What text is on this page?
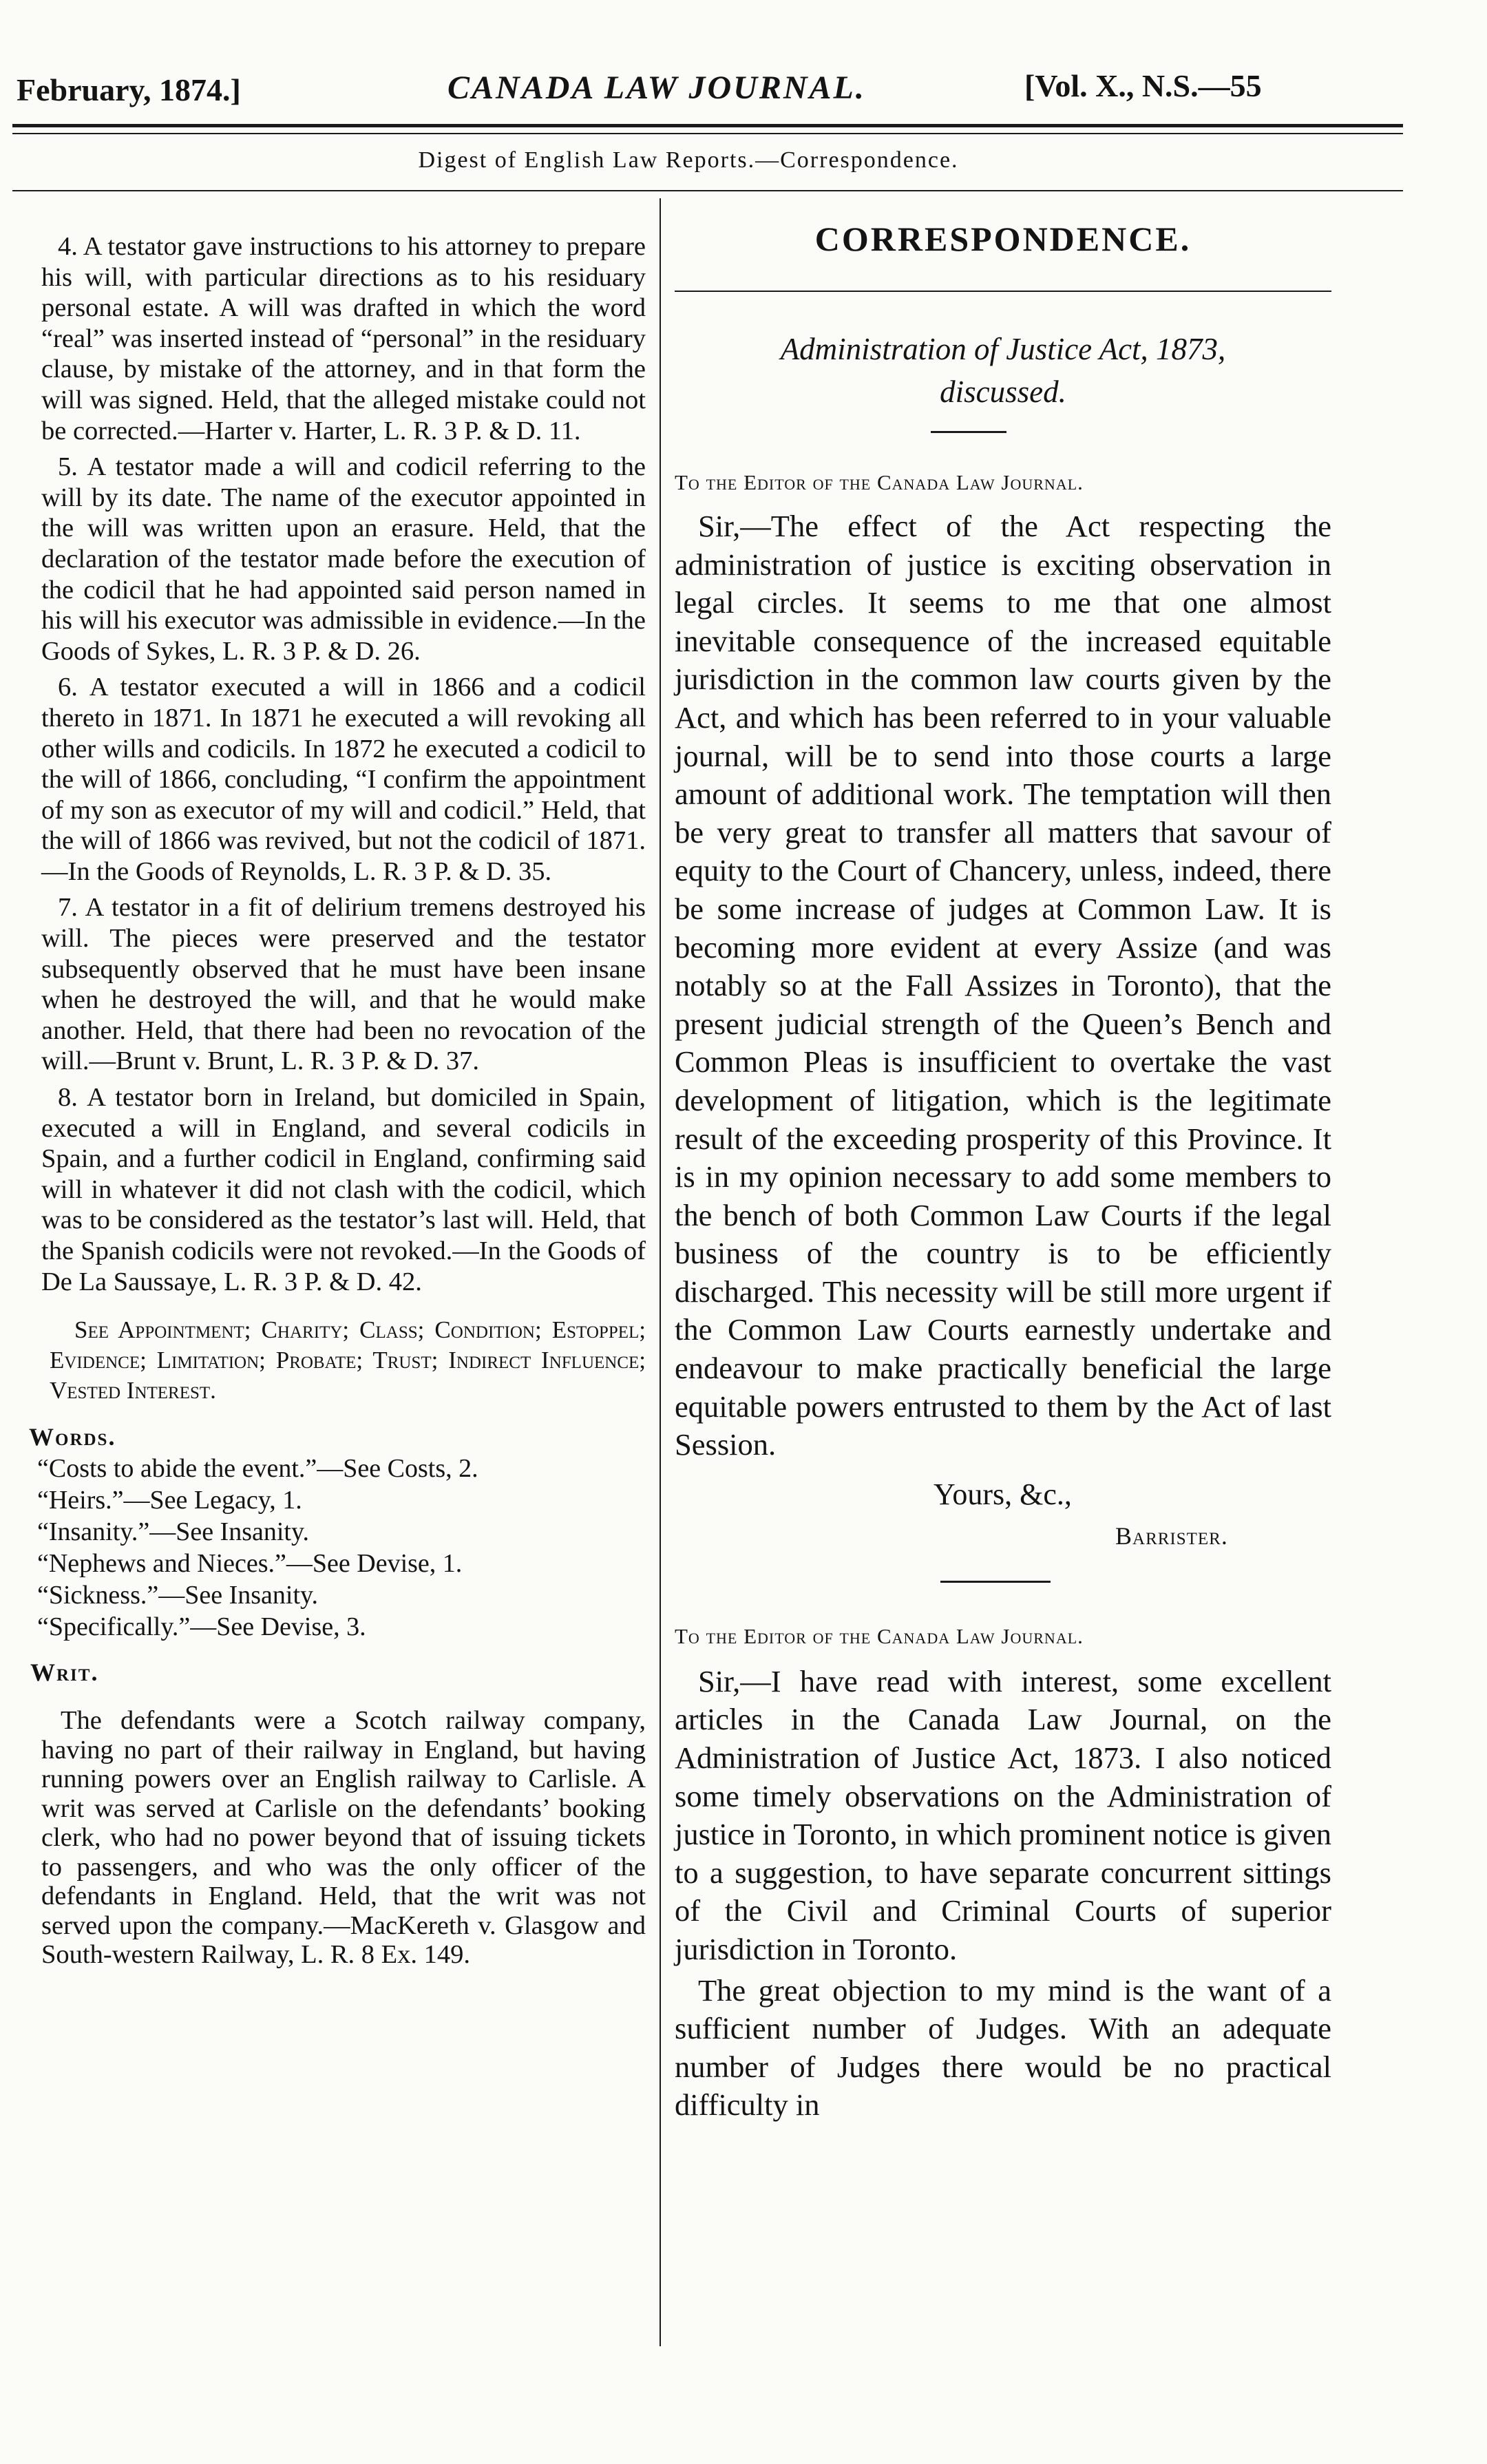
February, 1874.]	CANADA LAW JOURNAL.	[Vol. X., N.S.—55
Digest of English Law Reports.—Correspondence.

4. A testator gave instructions to his attorney to prepare his will, with particular directions as to his residuary personal estate. A will was drafted in which the word “real” was inserted instead of “personal” in the residuary clause, by mistake of the attorney, and in that form the will was signed. Held, that the alleged mistake could not be corrected.—Harter v. Harter, L. R. 3 P. & D. 11.

5. A testator made a will and codicil referring to the will by its date. The name of the executor appointed in the will was written upon an erasure. Held, that the declaration of the testator made before the execution of the codicil that he had appointed said person named in his will his executor was admissible in evidence.—In the Goods of Sykes, L. R. 3 P. & D. 26.

6. A testator executed a will in 1866 and a codicil thereto in 1871. In 1871 he executed a will revoking all other wills and codicils. In 1872 he executed a codicil to the will of 1866, concluding, “I confirm the appointment of my son as executor of my will and codicil.” Held, that the will of 1866 was revived, but not the codicil of 1871.—In the Goods of Reynolds, L. R. 3 P. & D. 35.

7. A testator in a fit of delirium tremens destroyed his will. The pieces were preserved and the testator subsequently observed that he must have been insane when he destroyed the will, and that he would make another. Held, that there had been no revocation of the will.—Brunt v. Brunt, L. R. 3 P. & D. 37.

8. A testator born in Ireland, but domiciled in Spain, executed a will in England, and several codicils in Spain, and a further codicil in England, confirming said will in whatever it did not clash with the codicil, which was to be considered as the testator’s last will. Held, that the Spanish codicils were not revoked.—In the Goods of De La Saussaye, L. R. 3 P. & D. 42.

See Appointment; Charity; Class; Condition; Estoppel; Evidence; Limitation; Probate; Trust; Indirect Influence; Vested Interest.

Words.
“Costs to abide the event.”—See Costs, 2.
“Heirs.”—See Legacy, 1.
“Insanity.”—See Insanity.
“Nephews and Nieces.”—See Devise, 1.
“Sickness.”—See Insanity.
“Specifically.”—See Devise, 3.
Writ.

The defendants were a Scotch railway company, having no part of their railway in England, but having running powers over an English railway to Carlisle. A writ was served at Carlisle on the defendants’ booking clerk, who had no power beyond that of issuing tickets to passengers, and who was the only officer of the defendants in England. Held, that the writ was not served upon the company.—MacKereth v. Glasgow and South-western Railway, L. R. 8 Ex. 149.

CORRESPONDENCE.

Administration of Justice Act, 1873,
discussed.

To the Editor of the Canada Law Journal.

Sir,—The effect of the Act respecting the administration of justice is exciting observation in legal circles. It seems to me that one almost inevitable consequence of the increased equitable jurisdiction in the common law courts given by the Act, and which has been referred to in your valuable journal, will be to send into those courts a large amount of additional work. The temptation will then be very great to transfer all matters that savour of equity to the Court of Chancery, unless, indeed, there be some increase of judges at Common Law. It is becoming more evident at every Assize (and was notably so at the Fall Assizes in Toronto), that the present judicial strength of the Queen’s Bench and Common Pleas is insufficient to overtake the vast development of litigation, which is the legitimate result of the exceeding prosperity of this Province. It is in my opinion necessary to add some members to the bench of both Common Law Courts if the legal business of the country is to be efficiently discharged. This necessity will be still more urgent if the Common Law Courts earnestly undertake and endeavour to make practically beneficial the large equitable powers entrusted to them by the Act of last Session.

Yours, &c.,

Barrister.

To the Editor of the Canada Law Journal.

Sir,—I have read with interest, some excellent articles in the Canada Law Journal, on the Administration of Justice Act, 1873. I also noticed some timely observations on the Administration of justice in Toronto, in which prominent notice is given to a suggestion, to have separate concurrent sittings of the Civil and Criminal Courts of superior jurisdiction in Toronto.

The great objection to my mind is the want of a sufficient number of Judges. With an adequate number of Judges there would be no practical difficulty in
